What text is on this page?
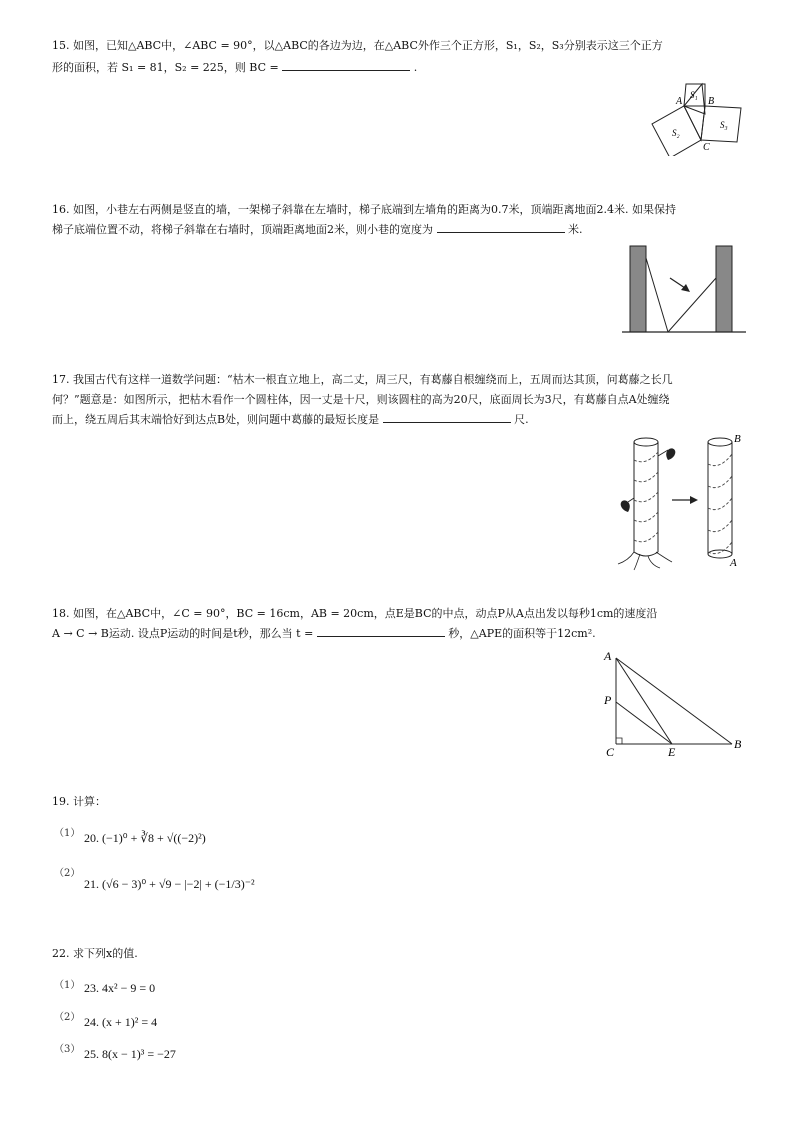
15. 如图，已知△ABC中，∠ABC = 90°，以△ABC的各边为边，在△ABC外作三个正方形，S₁，S₂，S₃分别表示这三个正方
形的面积，若 S₁ = 81，S₂ = 225，则 BC =	.
A	B
C
S₁
S₂
S₃
16. 如图，小巷左右两侧是竖直的墙，一架梯子斜靠在左墙时，梯子底端到左墙角的距离为0.7米，顶端距离地面2.4米. 如果保持
梯子底端位置不动，将梯子斜靠在右墙时，顶端距离地面2米，则小巷的宽度为	米.
17. 我国古代有这样一道数学问题：“枯木一根直立地上，高二丈，周三尺，有葛藤自根缠绕而上，五周而达其顶，问葛藤之长几
何？”题意是：如图所示，把枯木看作一个圆柱体，因一丈是十尺，则该圆柱的高为20尺，底面周长为3尺，有葛藤自点A处缠绕
而上，绕五周后其末端恰好到达点B处，则问题中葛藤的最短长度是	尺.
B
A
18. 如图，在△ABC中，∠C = 90°，BC = 16cm，AB = 20cm，点E是BC的中点，动点P从A点出发以每秒1cm的速度沿
A → C → B运动. 设点P运动的时间是t秒，那么当 t =	秒，△APE的面积等于12cm².
A
P
C	E
B
19. 计算：
（1） 20. (−1)⁰ + ∛8 + √((−2)²)
（2）
21. (√6 − 3)⁰ + √9 − |−2| + (−1/3)⁻²
22. 求下列x的值.
（1） 23. 4x² − 9 = 0
（2） 24. (x + 1)² = 4
（3） 25. 8(x − 1)³ = −27
